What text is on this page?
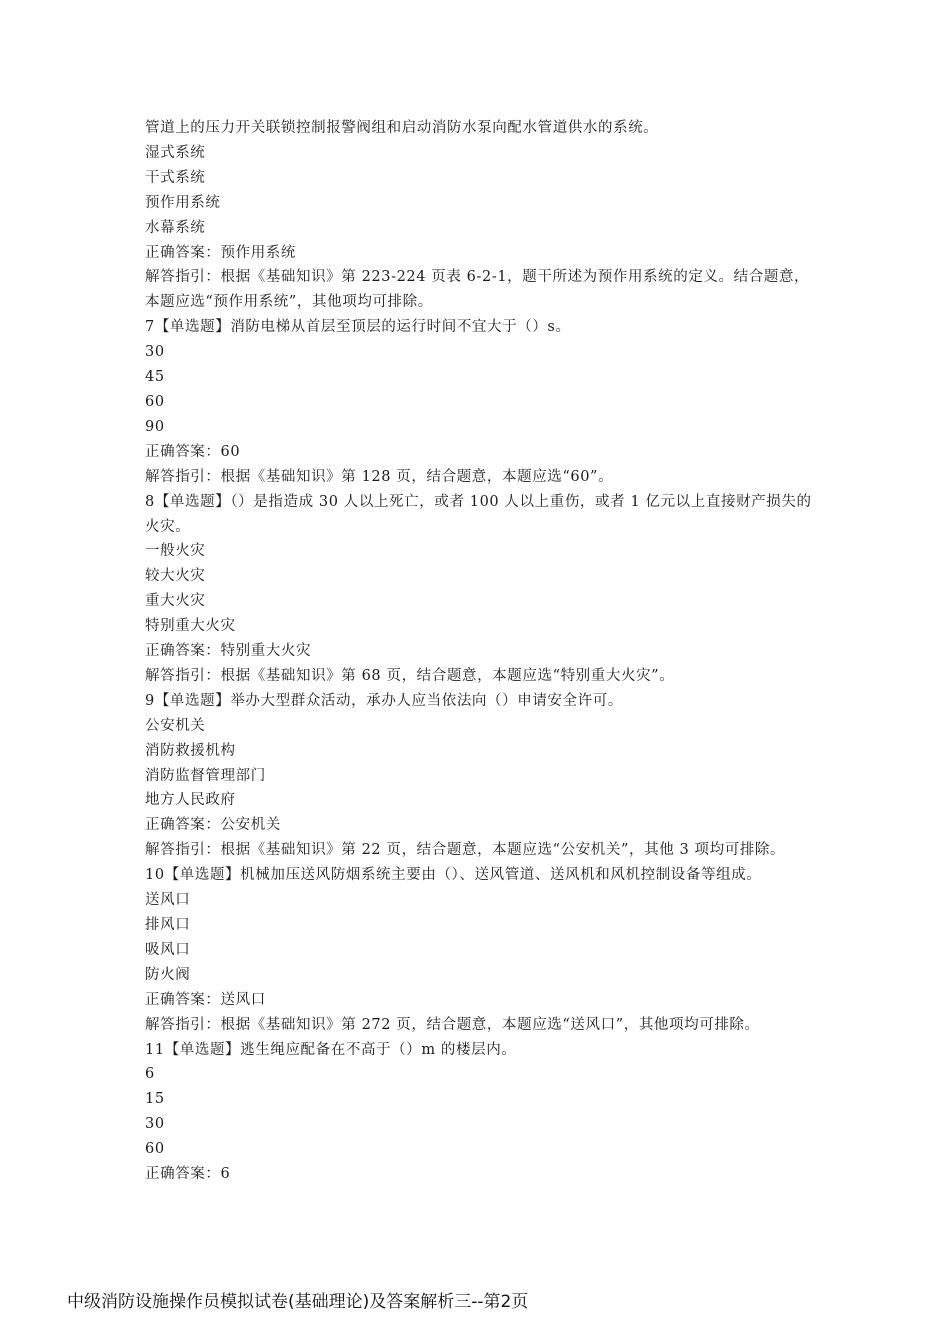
管道上的压力开关联锁控制报警阀组和启动消防水泵向配水管道供水的系统。
湿式系统
干式系统
预作用系统
水幕系统
正确答案：预作用系统
解答指引：根据《基础知识》第 223-224 页表 6-2-1，题干所述为预作用系统的定义。结合题意，本题应选“预作用系统”，其他项均可排除。
7【单选题】消防电梯从首层至顶层的运行时间不宜大于（）s。
30
45
60
90
正确答案：60
解答指引：根据《基础知识》第 128 页，结合题意，本题应选“60”。
8【单选题】（）是指造成 30 人以上死亡，或者 100 人以上重伤，或者 1 亿元以上直接财产损失的火灾。
一般火灾
较大火灾
重大火灾
特别重大火灾
正确答案：特别重大火灾
解答指引：根据《基础知识》第 68 页，结合题意，本题应选“特别重大火灾”。
9【单选题】举办大型群众活动，承办人应当依法向（）申请安全许可。
公安机关
消防救援机构
消防监督管理部门
地方人民政府
正确答案：公安机关
解答指引：根据《基础知识》第 22 页，结合题意，本题应选“公安机关”，其他 3 项均可排除。
10【单选题】机械加压送风防烟系统主要由（）、送风管道、送风机和风机控制设备等组成。
送风口
排风口
吸风口
防火阀
正确答案：送风口
解答指引：根据《基础知识》第 272 页，结合题意，本题应选“送风口”，其他项均可排除。
11【单选题】逃生绳应配备在不高于（）m 的楼层内。
6
15
30
60
正确答案：6
中级消防设施操作员模拟试卷(基础理论)及答案解析三--第2页
